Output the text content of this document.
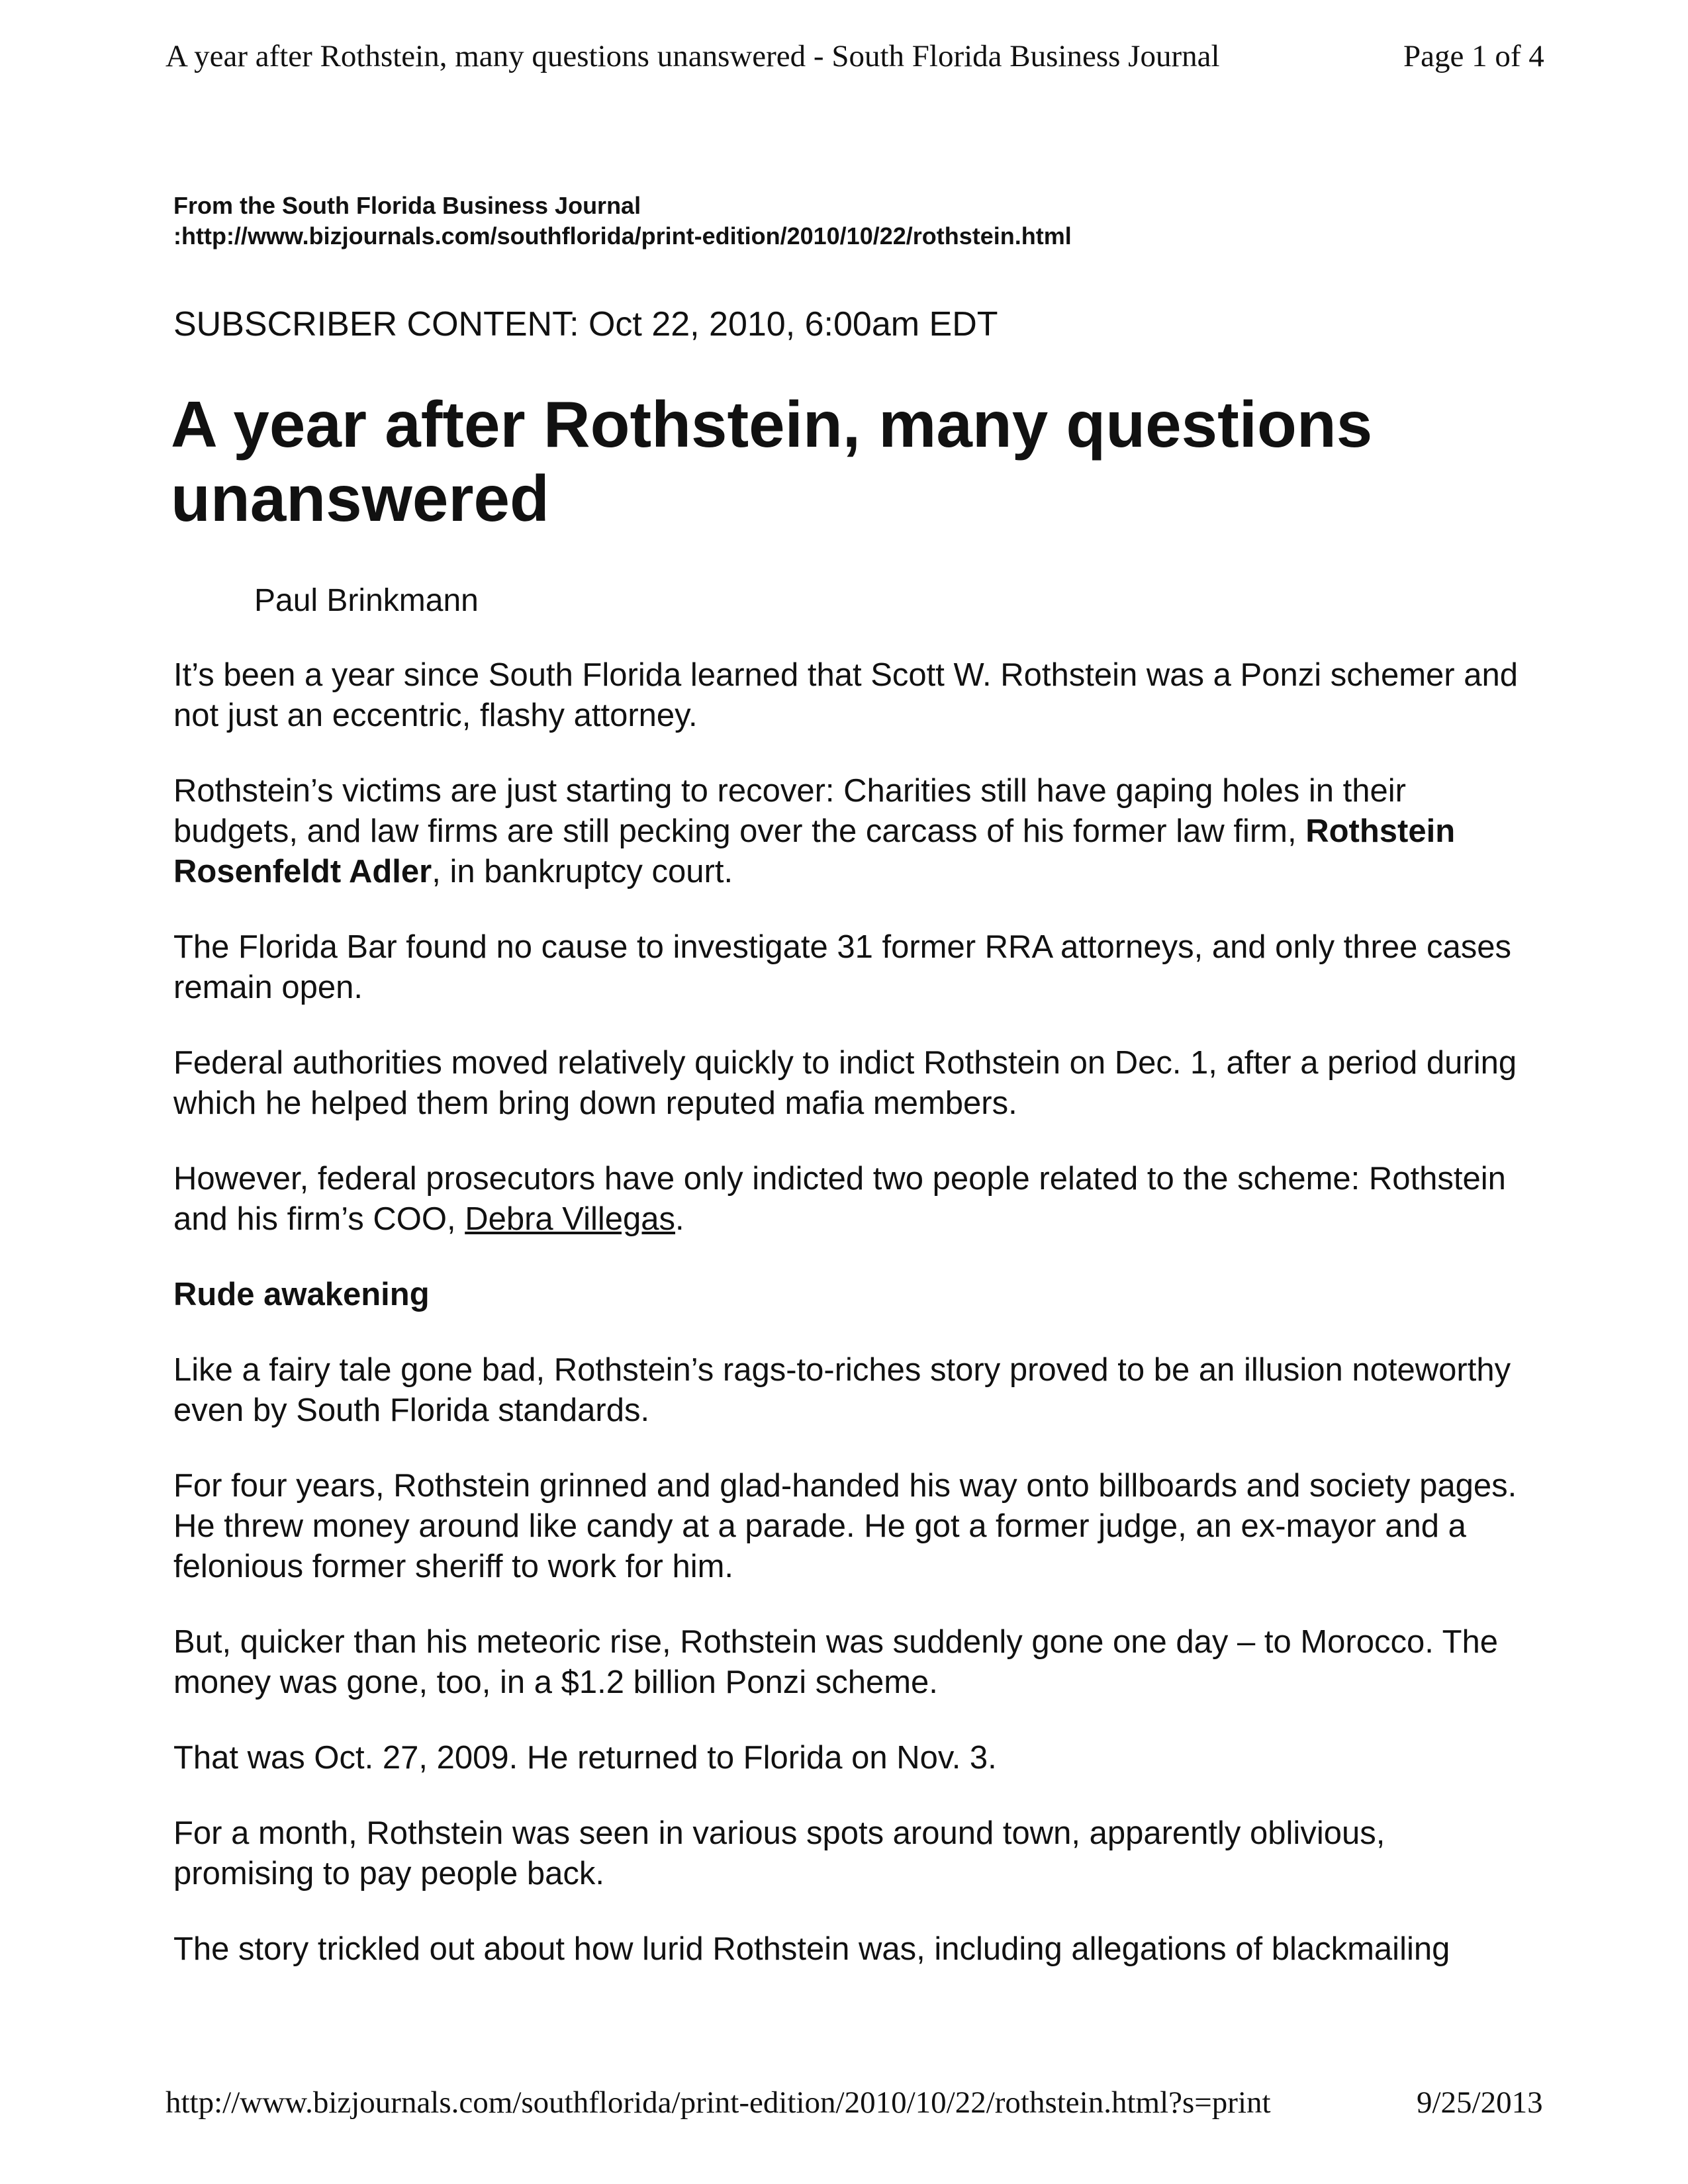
A year after Rothstein, many questions unanswered - South Florida Business Journal	Page 1 of 4
From the South Florida Business Journal
:http://www.bizjournals.com/southflorida/print-edition/2010/10/22/rothstein.html
SUBSCRIBER CONTENT: Oct 22, 2010, 6:00am EDT
A year after Rothstein, many questions unanswered
Paul Brinkmann

It’s been a year since South Florida learned that Scott W. Rothstein was a Ponzi schemer and not just an eccentric, flashy attorney.

Rothstein’s victims are just starting to recover: Charities still have gaping holes in their budgets, and law firms are still pecking over the carcass of his former law firm, Rothstein Rosenfeldt Adler, in bankruptcy court.

The Florida Bar found no cause to investigate 31 former RRA attorneys, and only three cases remain open.

Federal authorities moved relatively quickly to indict Rothstein on Dec. 1, after a period during which he helped them bring down reputed mafia members.

However, federal prosecutors have only indicted two people related to the scheme: Rothstein and his firm’s COO, Debra Villegas.

Rude awakening

Like a fairy tale gone bad, Rothstein’s rags-to-riches story proved to be an illusion noteworthy even by South Florida standards.

For four years, Rothstein grinned and glad-handed his way onto billboards and society pages. He threw money around like candy at a parade. He got a former judge, an ex-mayor and a felonious former sheriff to work for him.

But, quicker than his meteoric rise, Rothstein was suddenly gone one day – to Morocco. The money was gone, too, in a $1.2 billion Ponzi scheme.

That was Oct. 27, 2009. He returned to Florida on Nov. 3.

For a month, Rothstein was seen in various spots around town, apparently oblivious, promising to pay people back.

The story trickled out about how lurid Rothstein was, including allegations of blackmailing

http://www.bizjournals.com/southflorida/print-edition/2010/10/22/rothstein.html?s=print	9/25/2013
